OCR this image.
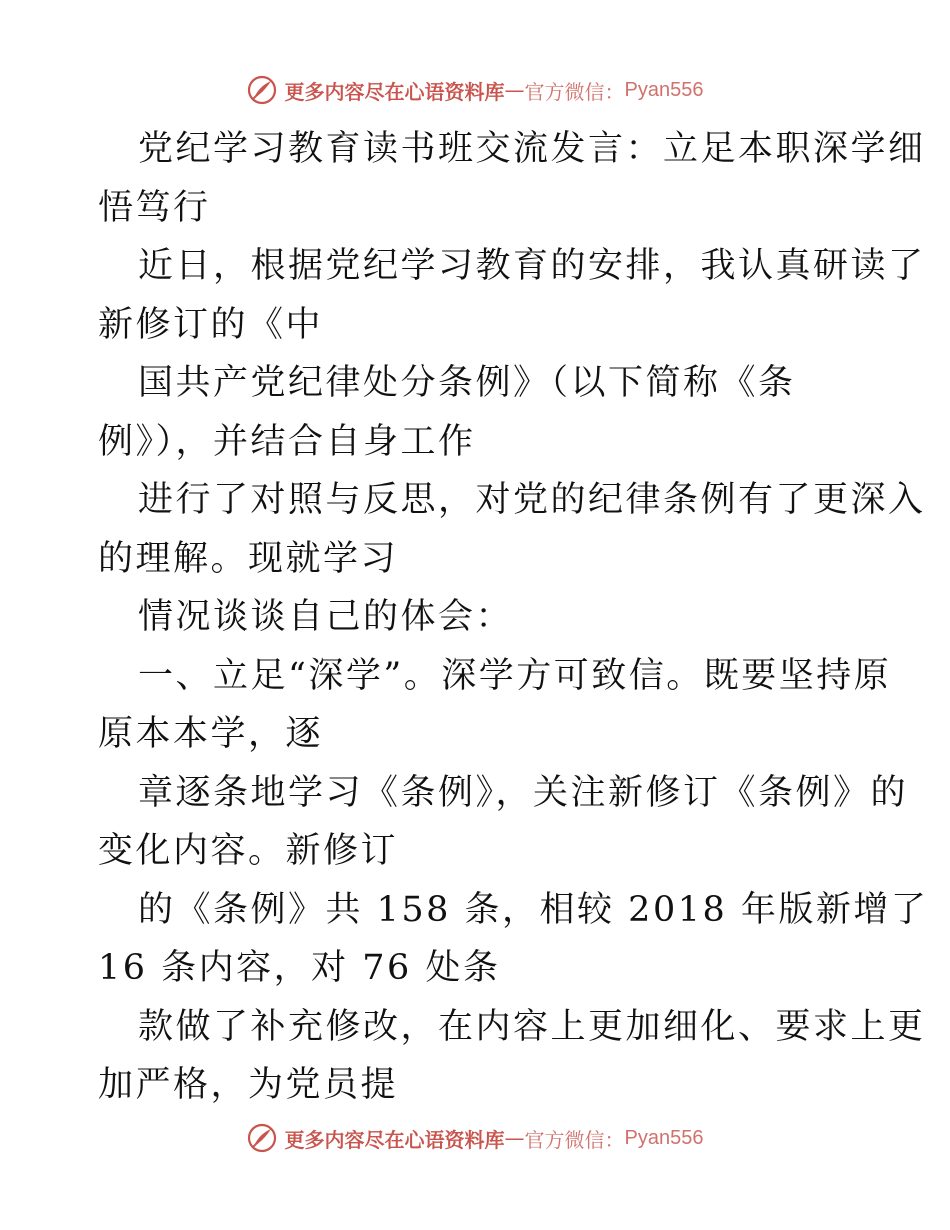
更多内容尽在心语资料库 — 官方微信： Pyan556
党纪学习教育读书班交流发言：立足本职深学细
悟笃行
近日，根据党纪学习教育的安排，我认真研读了
新修订的《中
国共产党纪律处分条例》（以下简称《条
例》），并结合自身工作
进行了对照与反思，对党的纪律条例有了更深入
的理解。现就学习
情况谈谈自己的体会：
一、立足“深学”。深学方可致信。既要坚持原
原本本学，逐
章逐条地学习《条例》，关注新修订《条例》的
变化内容。新修订
的《条例》共 158 条，相较 2018 年版新增了
16 条内容，对 76 处条
款做了补充修改，在内容上更加细化、要求上更
加严格，为党员提
更多内容尽在心语资料库 — 官方微信： Pyan556
